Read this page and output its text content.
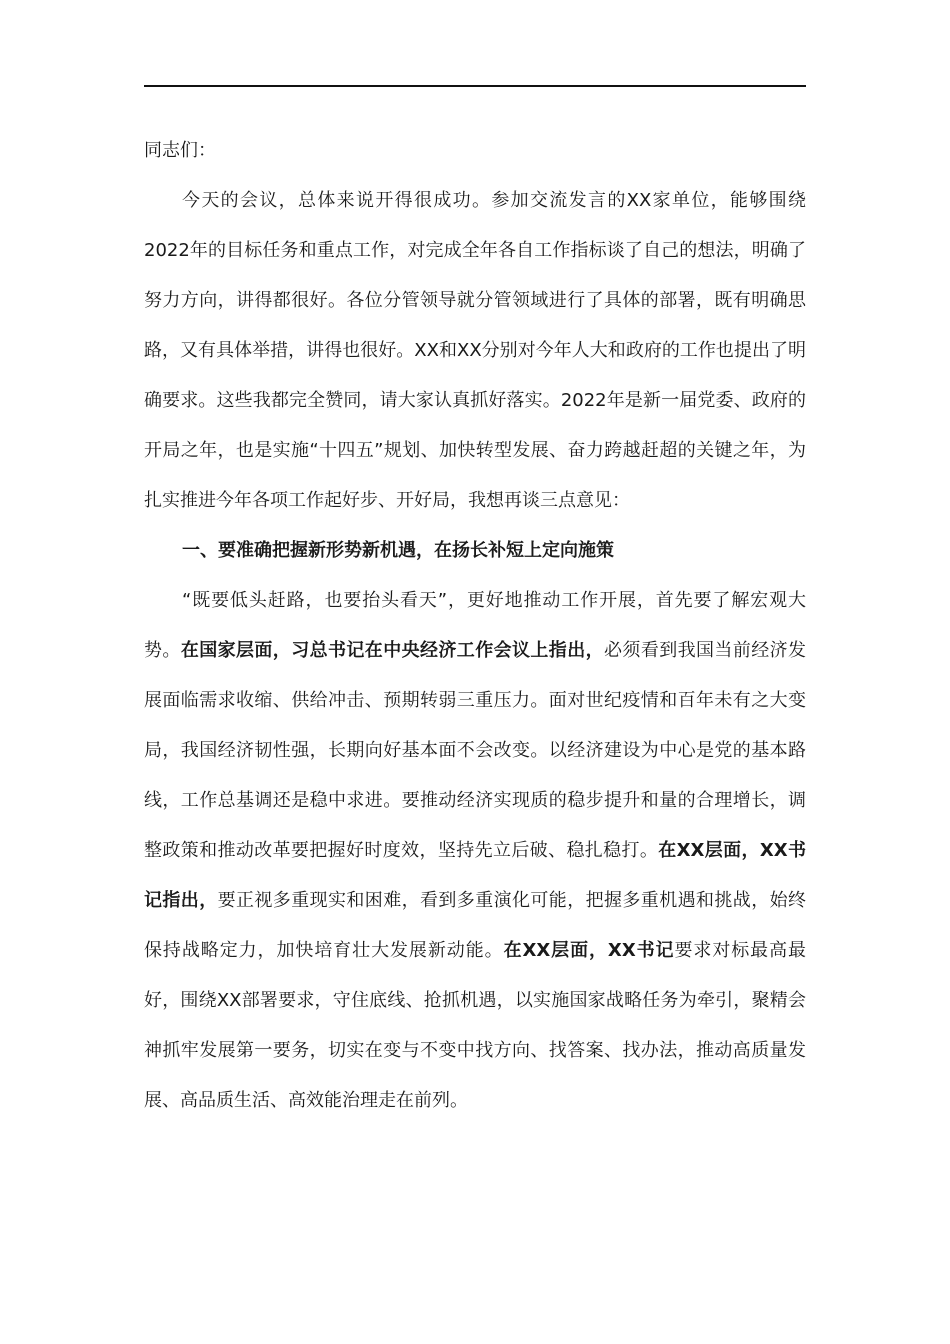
同志们：

今天的会议，总体来说开得很成功。参加交流发言的XX家单位，能够围绕2022年的目标任务和重点工作，对完成全年各自工作指标谈了自己的想法，明确了努力方向，讲得都很好。各位分管领导就分管领域进行了具体的部署，既有明确思路，又有具体举措，讲得也很好。XX和XX分别对今年人大和政府的工作也提出了明确要求。这些我都完全赞同，请大家认真抓好落实。2022年是新一届党委、政府的开局之年，也是实施“十四五”规划、加快转型发展、奋力跨越赶超的关键之年，为扎实推进今年各项工作起好步、开好局，我想再谈三点意见：

一、要准确把握新形势新机遇，在扬长补短上定向施策

“既要低头赶路，也要抬头看天”，更好地推动工作开展，首先要了解宏观大势。在国家层面，习总书记在中央经济工作会议上指出，必须看到我国当前经济发展面临需求收缩、供给冲击、预期转弱三重压力。面对世纪疫情和百年未有之大变局，我国经济韧性强，长期向好基本面不会改变。以经济建设为中心是党的基本路线，工作总基调还是稳中求进。要推动经济实现质的稳步提升和量的合理增长，调整政策和推动改革要把握好时度效，坚持先立后破、稳扎稳打。在XX层面，XX书记指出，要正视多重现实和困难，看到多重演化可能，把握多重机遇和挑战，始终保持战略定力，加快培育壮大发展新动能。在XX层面，XX书记要求对标最高最好，围绕XX部署要求，守住底线、抢抓机遇，以实施国家战略任务为牵引，聚精会神抓牢发展第一要务，切实在变与不变中找方向、找答案、找办法，推动高质量发展、高品质生活、高效能治理走在前列。
